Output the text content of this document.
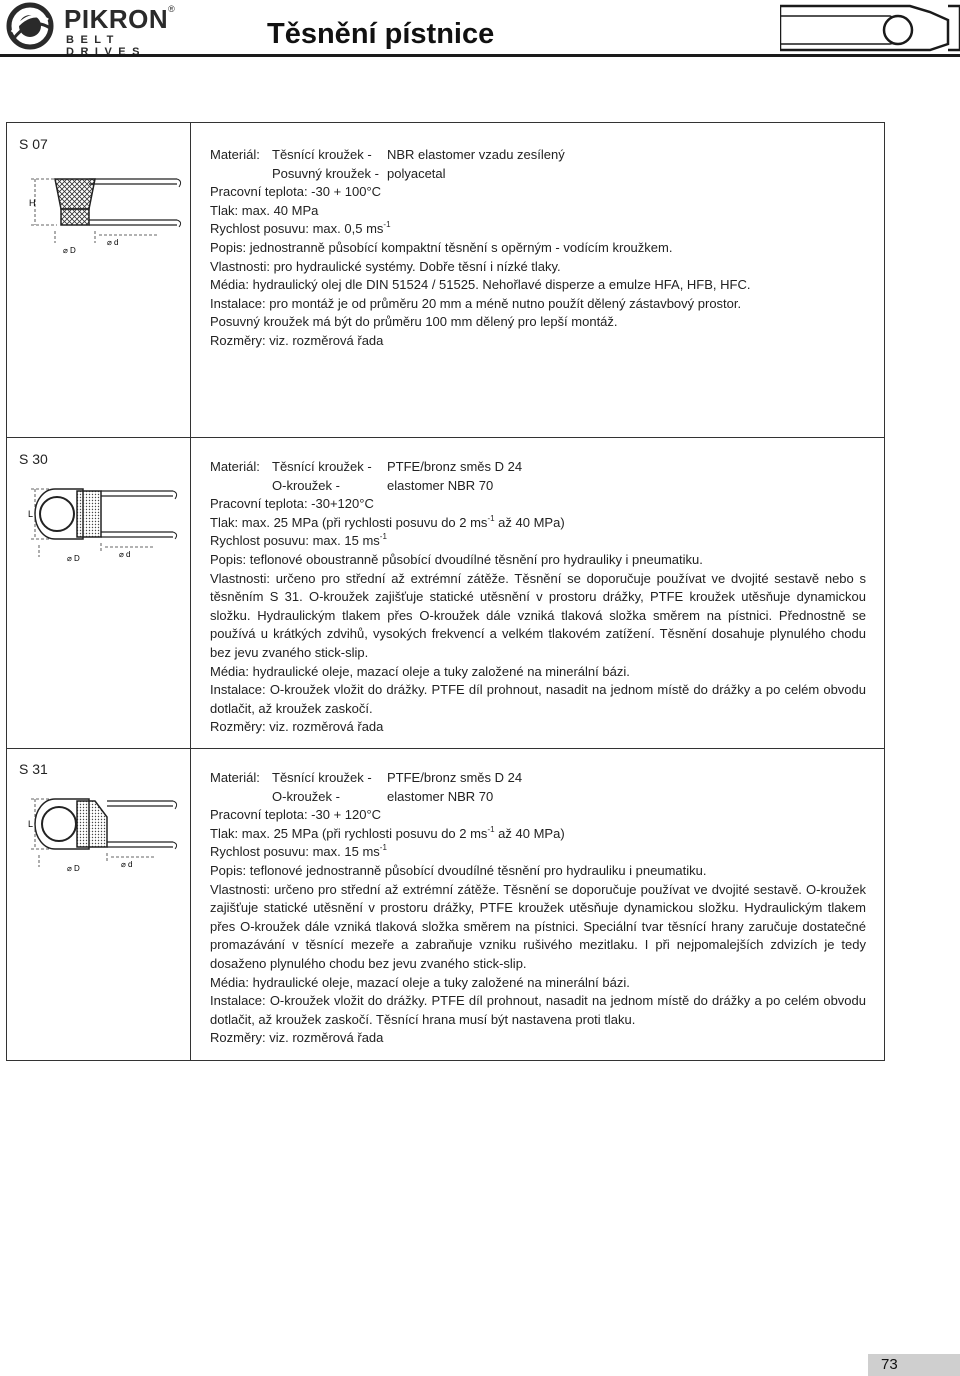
PIKRON®
BELT DRIVES
Těsnění pístnice
S 07
H
⌀ D
⌀ d

Materiál: Těsnící kroužek - NBR elastomer vzadu zesílený

Posuvný kroužek - polyacetal

Pracovní teplota: -30 + 100°C

Tlak: max. 40 MPa

Rychlost posuvu: max. 0,5 $ms^{-1}$

Popis: jednostranně působící kompaktní těsnění s opěrným - vodícím kroužkem.

Vlastnosti: pro hydraulické systémy. Dobře těsní i nízké tlaky.

Média: hydraulický olej dle DIN 51524 / 51525. Nehořlavé disperze a emulze HFA, HFB, HFC.

Instalace: pro montáž je od průměru 20 mm a méně nutno použít dělený zástavbový prostor.

Posuvný kroužek má být do průměru 100 mm dělený pro lepší montáž.

Rozměry: viz. rozměrová řada

S 30
L
⌀ D	⌀ d

Materiál: Těsnící kroužek - PTFE/bronz směs D 24

O-kroužek -	elastomer NBR 70

Pracovní teplota: -30+120°C

Tlak: max. 25 MPa (při rychlosti posuvu do 2 $ms^{-1}$ až 40 MPa)

Rychlost posuvu: max. 15 $ms^{-1}$

Popis: teflonové oboustranně působící dvoudílné těsnění pro hydrauliky i pneumatiku.

Vlastnosti: určeno pro střední až extrémní zátěže. Těsnění se doporučuje používat ve dvojité sestavě nebo s těsněním S 31. O-kroužek zajišťuje statické utěsnění v prostoru drážky, PTFE kroužek utěsňuje dynamickou složku. Hydraulickým tlakem přes O-kroužek dále vzniká tlaková složka směrem na pístnici. Přednostně se používá u krátkých zdvihů, vysokých frekvencí a velkém tlakovém zatížení. Těsnění dosahuje plynulého chodu bez jevu zvaného stick-slip.

Média: hydraulické oleje, mazací oleje a tuky založené na minerální bázi.

Instalace: O-kroužek vložit do drážky. PTFE díl prohnout, nasadit na jednom místě do drážky a po celém obvodu dotlačit, až kroužek zaskočí.

Rozměry: viz. rozměrová řada

S 31
L
⌀ D	⌀ d

Materiál: Těsnící kroužek - PTFE/bronz směs D 24

O-kroužek -	elastomer NBR 70

Pracovní teplota: -30 + 120°C

Tlak: max. 25 MPa (při rychlosti posuvu do 2 $ms^{-1}$ až 40 MPa)

Rychlost posuvu: max. 15 $ms^{-1}$

Popis: teflonové jednostranně působící dvoudílné těsnění pro hydrauliku i pneumatiku.

Vlastnosti: určeno pro střední až extrémní zátěže. Těsnění se doporučuje používat ve dvojité sestavě. O-kroužek zajišťuje statické utěsnění v prostoru drážky, PTFE kroužek utěsňuje dynamickou složku. Hydraulickým tlakem přes O-kroužek dále vzniká tlaková složka směrem na pístnici. Speciální tvar těsnící hrany zaručuje dostatečné promazávání v těsnící mezeře a zabraňuje vzniku rušivého mezitlaku. I při nejpomalejších zdvizích je tedy dosaženo plynulého chodu bez jevu zvaného stick-slip.

Média: hydraulické oleje, mazací oleje a tuky založené na minerální bázi.

Instalace: O-kroužek vložit do drážky. PTFE díl prohnout, nasadit na jednom místě do drážky a po celém obvodu dotlačit, až kroužek zaskočí. Těsnící hrana musí být nastavena proti tlaku.

Rozměry: viz. rozměrová řada

73
